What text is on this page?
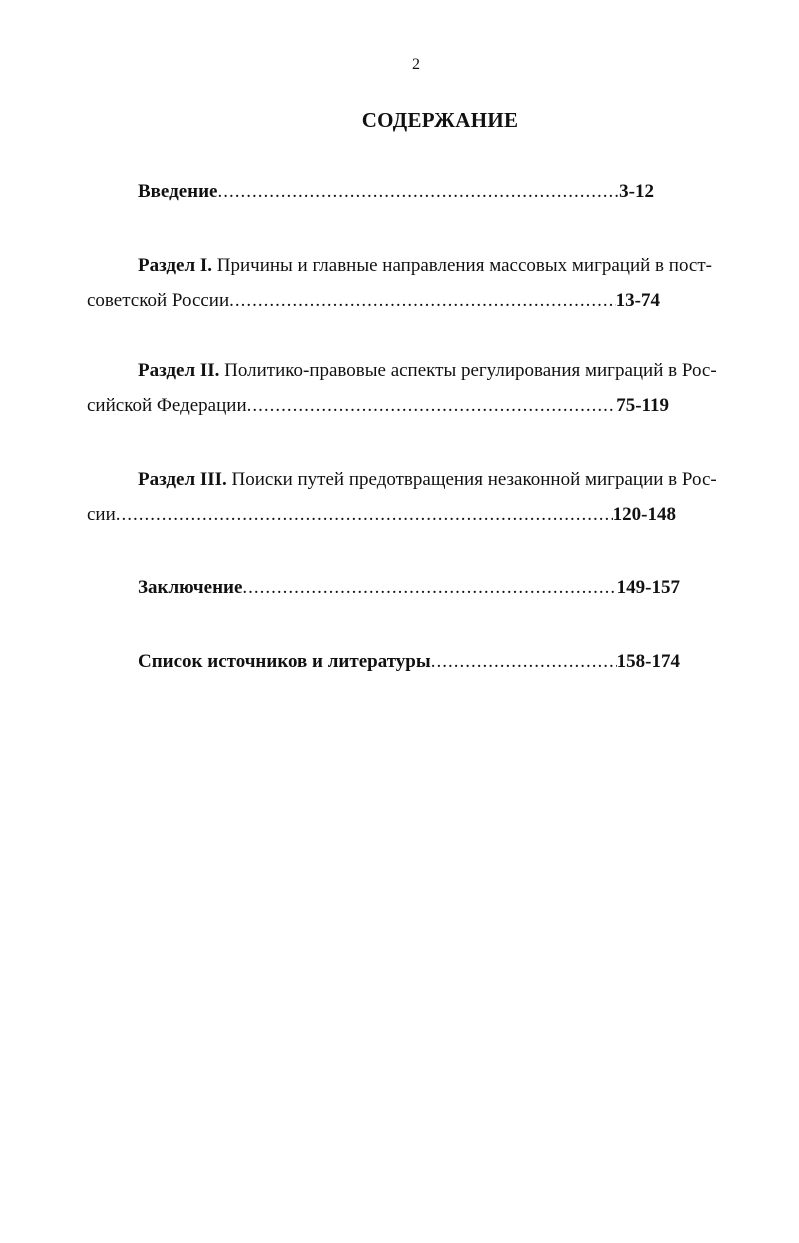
2
СОДЕРЖАНИЕ
Введение .....	3-12
Раздел I.
Причины и главные направления массовых миграций в пост-
советской России .....	13-74
Раздел II.
Политико-правовые аспекты регулирования миграций в Рос-
сийской Федерации .....	75-119
Раздел III.
Поиски путей предотвращения незаконной миграции в Рос-
сии .....	120-148
Заключение .....	149-157
Список источников и литературы .....	158-174
